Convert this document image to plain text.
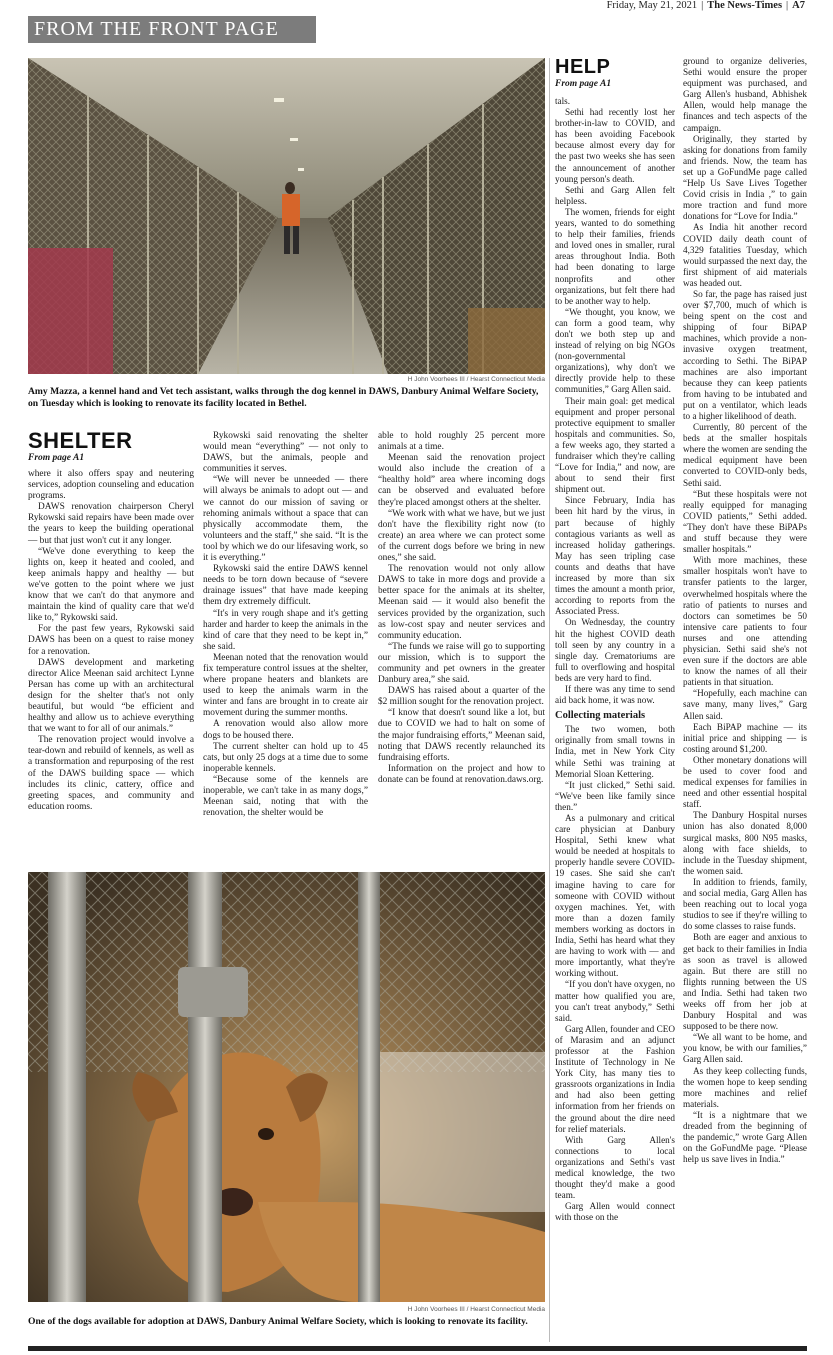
Friday, May 21, 2021 | The News-Times | A7
FROM THE FRONT PAGE
H John Voorhees III / Hearst Connecticut Media
Amy Mazza, a kennel hand and Vet tech assistant, walks through the dog kennel in DAWS, Danbury Animal Welfare Society, on Tuesday which is looking to renovate its facility located in Bethel.
SHELTER
From page A1

where it also offers spay and neutering services, adoption counseling and education programs.

DAWS renovation chairperson Cheryl Rykowski said repairs have been made over the years to keep the building operational — but that just won't cut it any longer.

“We've done everything to keep the lights on, keep it heated and cooled, and keep animals happy and healthy — but we've gotten to the point where we just know that we can't do that anymore and maintain the kind of quality care that we'd like to,” Rykowski said.

For the past few years, Rykowski said DAWS has been on a quest to raise money for a renovation.

DAWS development and marketing director Alice Meenan said architect Lynne Persan has come up with an architectural design for the shelter that's not only beautiful, but would “be efficient and healthy and allow us to achieve everything that we want to for all of our animals.”

The renovation project would involve a tear-down and rebuild of kennels, as well as a transformation and repurposing of the rest of the DAWS building space — which includes its clinic, cattery, office and greeting spaces, and community and education rooms.

Rykowski said renovating the shelter would mean “everything” — not only to DAWS, but the animals, people and communities it serves.

“We will never be unneeded — there will always be animals to adopt out — and we cannot do our mission of saving or rehoming animals without a space that can physically accommodate them, the volunteers and the staff,” she said. “It is the tool by which we do our lifesaving work, so it is everything.”

Rykowski said the entire DAWS kennel needs to be torn down because of “severe drainage issues” that have made keeping them dry extremely difficult.

“It's in very rough shape and it's getting harder and harder to keep the animals in the kind of care that they need to be kept in,” she said.

Meenan noted that the renovation would fix temperature control issues at the shelter, where propane heaters and blankets are used to keep the animals warm in the winter and fans are brought in to create air movement during the summer months.

A renovation would also allow more dogs to be housed there.

The current shelter can hold up to 45 cats, but only 25 dogs at a time due to some inoperable kennels.

“Because some of the kennels are inoperable, we can't take in as many dogs,” Meenan said, noting that with the renovation, the shelter would be

able to hold roughly 25 percent more animals at a time.

Meenan said the renovation project would also include the creation of a “healthy hold” area where incoming dogs can be observed and evaluated before they're placed amongst others at the shelter.

“We work with what we have, but we just don't have the flexibility right now (to create) an area where we can protect some of the current dogs before we bring in new ones,” she said.

The renovation would not only allow DAWS to take in more dogs and provide a better space for the animals at its shelter, Meenan said — it would also benefit the services provided by the organization, such as low-cost spay and neuter services and community education.

“The funds we raise will go to supporting our mission, which is to support the community and pet owners in the greater Danbury area,” she said.

DAWS has raised about a quarter of the $2 million sought for the renovation project.

“I know that doesn't sound like a lot, but due to COVID we had to halt on some of the major fundraising efforts,” Meenan said, noting that DAWS recently relaunched its fundraising efforts.

Information on the project and how to donate can be found at renovation.daws.org.

H John Voorhees III / Hearst Connecticut Media
One of the dogs available for adoption at DAWS, Danbury Animal Welfare Society, which is looking to renovate its facility.
HELP
From page A1

tals.

Sethi had recently lost her brother-in-law to COVID, and has been avoiding Facebook because almost every day for the past two weeks she has seen the announcement of another young person's death.

Sethi and Garg Allen felt helpless.

The women, friends for eight years, wanted to do something to help their families, friends and loved ones in smaller, rural areas throughout India. Both had been donating to large nonprofits and other organizations, but felt there had to be another way to help.

“We thought, you know, we can form a good team, why don't we both step up and instead of relying on big NGOs (non-governmental organizations), why don't we directly provide help to these communities,” Garg Allen said.

Their main goal: get medical equipment and proper personal protective equipment to smaller hospitals and communities. So, a few weeks ago, they started a fundraiser which they're calling “Love for India,” and now, are about to send their first shipment out.

Since February, India has been hit hard by the virus, in part because of highly contagious variants as well as increased holiday gatherings. May has seen tripling case counts and deaths that have increased by more than six times the amount a month prior, according to reports from the Associated Press.

On Wednesday, the country hit the highest COVID death toll seen by any country in a single day. Crematoriums are full to overflowing and hospital beds are very hard to find.

If there was any time to send aid back home, it was now.

Collecting materials

The two women, both originally from small towns in India, met in New York City while Sethi was training at Memorial Sloan Kettering.

“It just clicked,” Sethi said. “We've been like family since then.”

As a pulmonary and critical care physician at Danbury Hospital, Sethi knew what would be needed at hospitals to properly handle severe COVID-19 cases. She said she can't imagine having to care for someone with COVID without oxygen machines. Yet, with more than a dozen family members working as doctors in India, Sethi has heard what they are having to work with — and more importantly, what they're working without.

“If you don't have oxygen, no matter how qualified you are, you can't treat anybody,” Sethi said.

Garg Allen, founder and CEO of Marasim and an adjunct professor at the Fashion Institute of Technology in Ne York City, has many ties to grassroots organizations in India and had also been getting information from her friends on the ground about the dire need for relief materials.

With Garg Allen's connections to local organizations and Sethi's vast medical knowledge, the two thought they'd make a good team.

Garg Allen would connect with those on the

ground to organize deliveries, Sethi would ensure the proper equipment was purchased, and Garg Allen's husband, Abhishek Allen, would help manage the finances and tech aspects of the campaign.

Originally, they started by asking for donations from family and friends. Now, the team has set up a GoFundMe page called “Help Us Save Lives Together Covid crisis in India ,” to gain more traction and fund more donations for “Love for India.”

As India hit another record COVID daily death count of 4,329 fatalities Tuesday, which would surpassed the next day, the first shipment of aid materials was headed out.

So far, the page has raised just over $7,700, much of which is being spent on the cost and shipping of four BiPAP machines, which provide a non-invasive oxygen treatment, according to Sethi. The BiPAP machines are also important because they can keep patients from having to be intubated and put on a ventilator, which leads to a higher likelihood of death.

Currently, 80 percent of the beds at the smaller hospitals where the women are sending the medical equipment have been converted to COVID-only beds, Sethi said.

“But these hospitals were not really equipped for managing COVID patients,” Sethi added. “They don't have these BiPAPs and stuff because they were smaller hospitals.”

With more machines, these smaller hospitals won't have to transfer patients to the larger, overwhelmed hospitals where the ratio of patients to nurses and doctors can sometimes be 50 intensive care patients to four nurses and one attending physician. Sethi said she's not even sure if the doctors are able to know the names of all their patients in that situation.

“Hopefully, each machine can save many, many lives,” Garg Allen said.

Each BiPAP machine — its initial price and shipping — is costing around $1,200.

Other monetary donations will be used to cover food and medical expenses for families in need and other essential hospital staff.

The Danbury Hospital nurses union has also donated 8,000 surgical masks, 800 N95 masks, along with face shields, to include in the Tuesday shipment, the women said.

In addition to friends, family, and social media, Garg Allen has been reaching out to local yoga studios to see if they're willing to do some classes to raise funds.

Both are eager and anxious to get back to their families in India as soon as travel is allowed again. But there are still no flights running between the US and India. Sethi had taken two weeks off from her job at Danbury Hospital and was supposed to be there now.

“We all want to be home, and you know, be with our families,” Garg Allen said.

As they keep collecting funds, the women hope to keep sending more machines and relief materials.

“It is a nightmare that we dreaded from the beginning of the pandemic,” wrote Garg Allen on the GoFundMe page. “Please help us save lives in India.”
